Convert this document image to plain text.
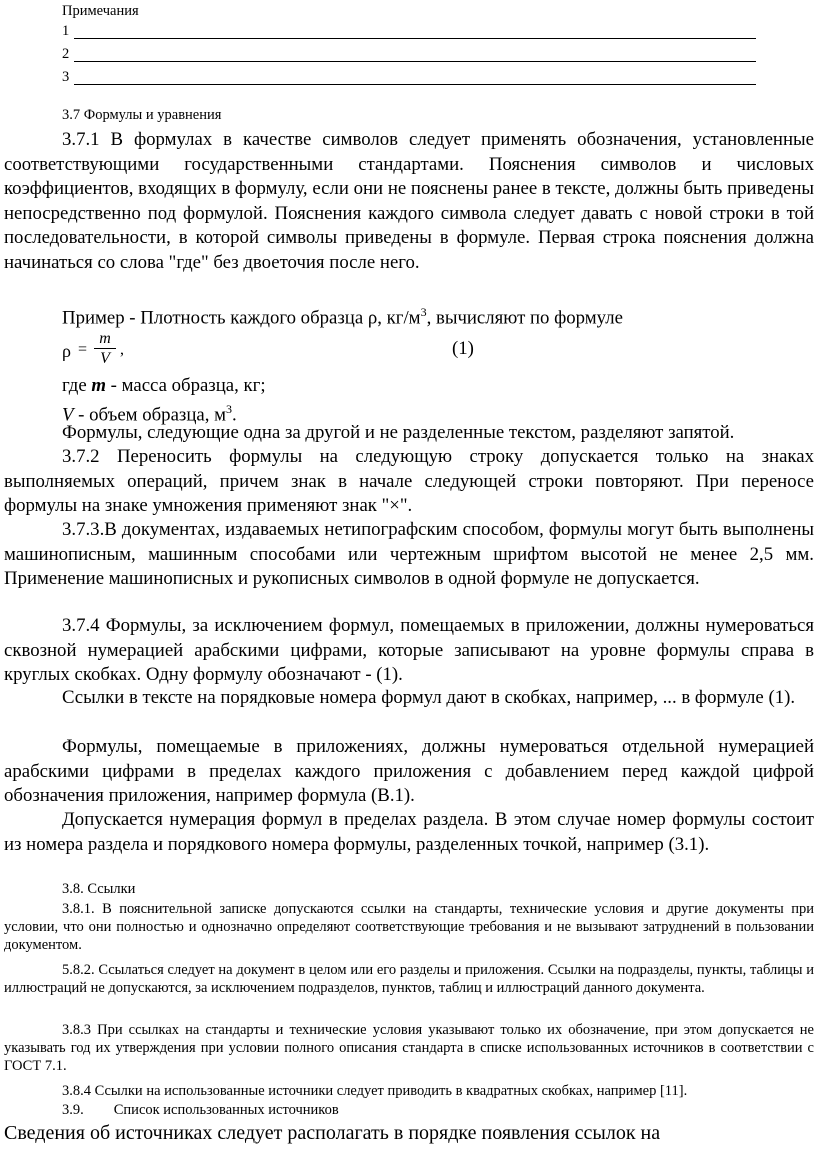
Примечания
1
2
3
3.7 Формулы и уравнения

3.7.1 В формулах в качестве символов следует применять обозначения, установленные соответствующими государственными стандартами. Пояснения символов и числовых коэффициентов, входящих в формулу, если они не пояснены ранее в тексте, должны быть приведены непосредственно под формулой. Пояснения каждого символа следует давать с новой строки в той последовательности, в которой символы приведены в формуле. Первая строка пояснения должна начинаться со слова "где" без двоеточия после него.

Пример - Плотность каждого образца ρ, $кг/м^3$, вычисляют по формуле
$\rho = \frac{m}{V}$ ,	(1)
где m - масса образца, кг;
V - объем образца, $м^3$.
Формулы, следующие одна за другой и не разделенные текстом, разделяют запятой.

3.7.2 Переносить формулы на следующую строку допускается только на знаках выполняемых операций, причем знак в начале следующей строки повторяют. При переносе формулы на знаке умножения применяют знак "×".

3.7.3.В документах, издаваемых нетипографским способом, формулы могут быть выполнены машинописным, машинным способами или чертежным шрифтом высотой не менее 2,5 мм. Применение машинописных и рукописных символов в одной формуле не допускается.

3.7.4 Формулы, за исключением формул, помещаемых в приложении, должны нумероваться сквозной нумерацией арабскими цифрами, которые записывают на уровне формулы справа в круглых скобках. Одну формулу обозначают - (1).

Ссылки в тексте на порядковые номера формул дают в скобках, например, ... в формуле (1).

Формулы, помещаемые в приложениях, должны нумероваться отдельной нумерацией арабскими цифрами в пределах каждого приложения с добавлением перед каждой цифрой обозначения приложения, например формула (В.1).

Допускается нумерация формул в пределах раздела. В этом случае номер формулы состоит из номера раздела и порядкового номера формулы, разделенных точкой, например (3.1).

3.8. Ссылки

3.8.1. В пояснительной записке допускаются ссылки на стандарты, технические условия и другие документы при условии, что они полностью и однозначно определяют соответствующие требования и не вызывают затруднений в пользовании документом.

5.8.2. Ссылаться следует на документ в целом или его разделы и приложения. Ссылки на подразделы, пункты, таблицы и иллюстраций не допускаются, за исключением подразделов, пунктов, таблиц и иллюстраций данного документа.

3.8.3 При ссылках на стандарты и технические условия указывают только их обозначение, при этом допускается не указывать год их утверждения при условии полного описания стандарта в списке использованных источников в соответствии с ГОСТ 7.1.

3.8.4 Ссылки на использованные источники следует приводить в квадратных скобках, например [11].
3.9. Список использованных источников
Сведения об источниках следует располагать в порядке появления ссылок на
